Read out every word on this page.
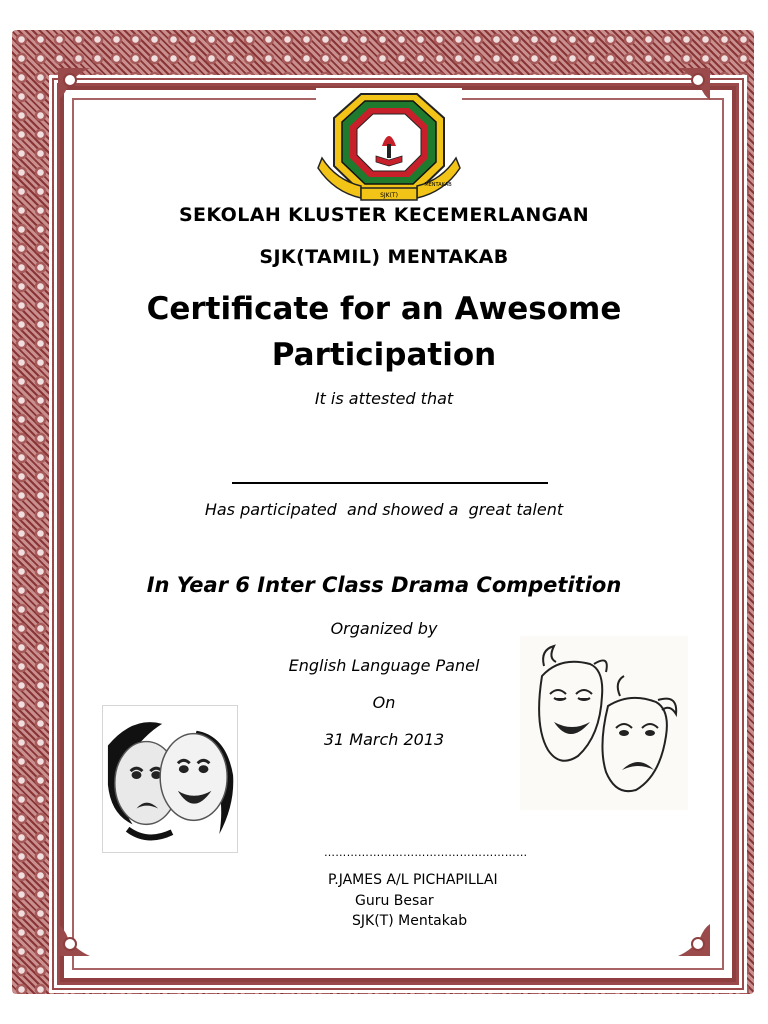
SJK(T)
MENTAKAB
SEKOLAH KLUSTER KECEMERLANGAN
SJK(TAMIL) MENTAKAB
Certificate for an Awesome Participation
It is attested that
Has participated  and showed a  great talent
In Year 6 Inter Class Drama Competition
Organized by
English Language Panel
On
31 March 2013
………………………………………………
P.JAMES A/L PICHAPILLAI
Guru Besar
SJK(T) Mentakab
